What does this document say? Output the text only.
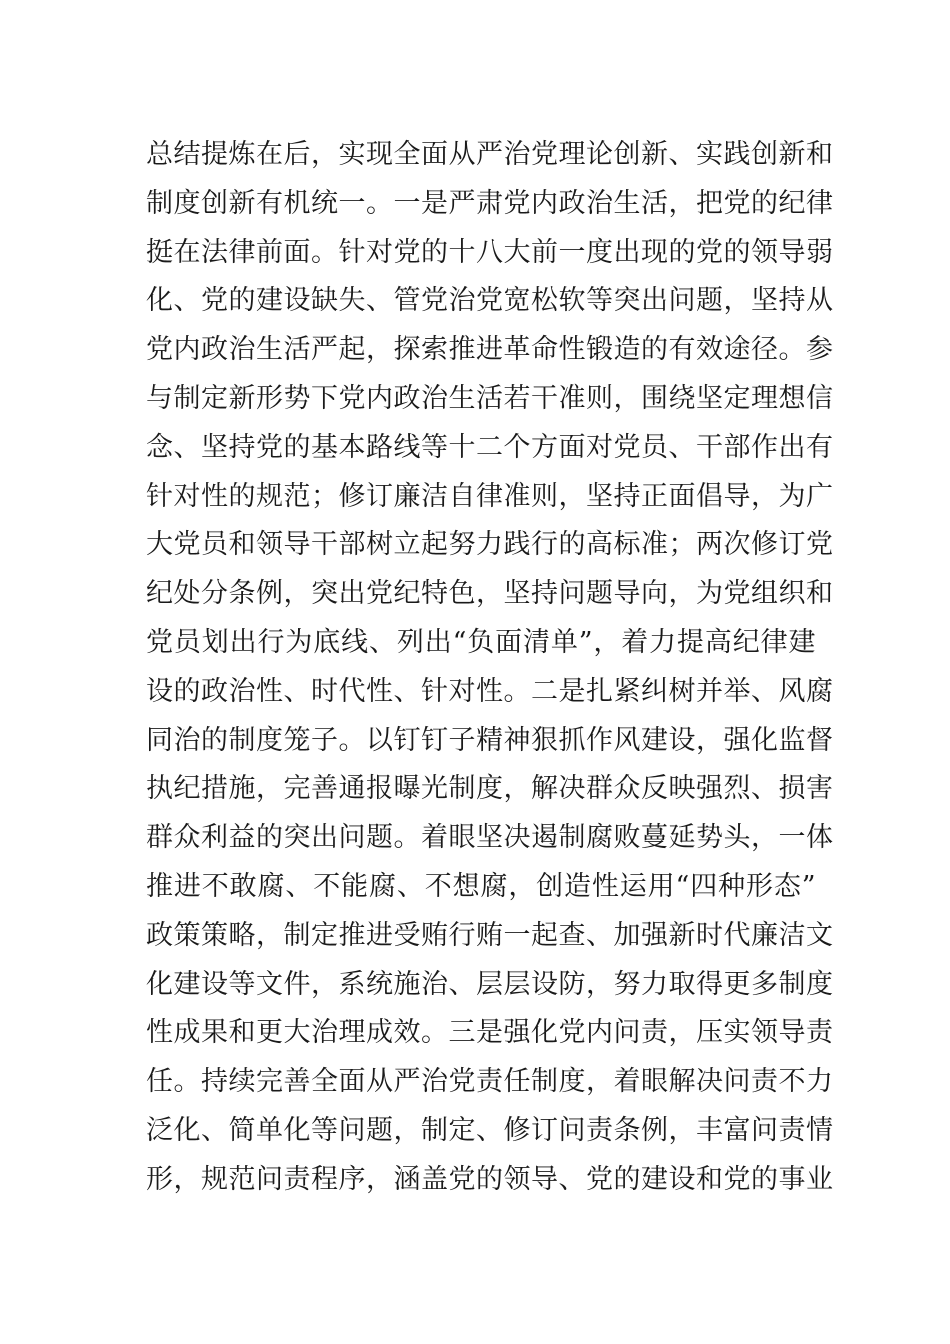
总结提炼在后，实现全面从严治党理论创新、实践创新和
制度创新有机统一。一是严肃党内政治生活，把党的纪律
挺在法律前面。针对党的十八大前一度出现的党的领导弱
化、党的建设缺失、管党治党宽松软等突出问题，坚持从
党内政治生活严起，探索推进革命性锻造的有效途径。参
与制定新形势下党内政治生活若干准则，围绕坚定理想信
念、坚持党的基本路线等十二个方面对党员、干部作出有
针对性的规范；修订廉洁自律准则，坚持正面倡导，为广
大党员和领导干部树立起努力践行的高标准；两次修订党
纪处分条例，突出党纪特色，坚持问题导向，为党组织和
党员划出行为底线、列出“负面清单”，着力提高纪律建
设的政治性、时代性、针对性。二是扎紧纠树并举、风腐
同治的制度笼子。以钉钉子精神狠抓作风建设，强化监督
执纪措施，完善通报曝光制度，解决群众反映强烈、损害
群众利益的突出问题。着眼坚决遏制腐败蔓延势头，一体
推进不敢腐、不能腐、不想腐，创造性运用“四种形态”
政策策略，制定推进受贿行贿一起查、加强新时代廉洁文
化建设等文件，系统施治、层层设防，努力取得更多制度
性成果和更大治理成效。三是强化党内问责，压实领导责
任。持续完善全面从严治党责任制度，着眼解决问责不力
泛化、简单化等问题，制定、修订问责条例，丰富问责情
形，规范问责程序，涵盖党的领导、党的建设和党的事业
